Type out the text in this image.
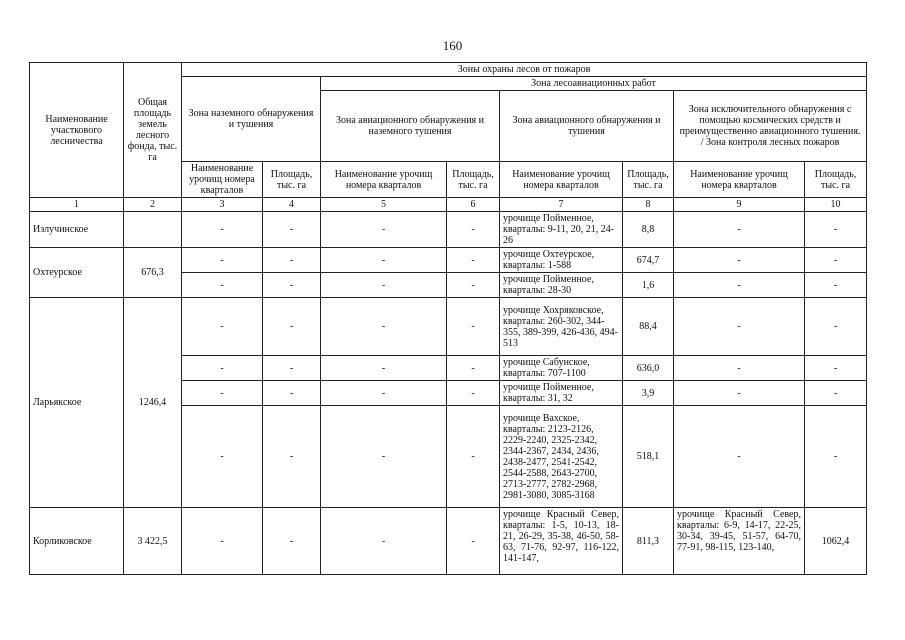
160
Наименование участкового лесничества	Общая площадь земель лесного фонда, тыс. га	Зоны охраны лесов от пожаров							
		Зона наземного обнаружения и тушения		Зона лесоавиационных работ					
				Зона авиационного обнаружения и наземного тушения		Зона авиационного обнаружения и тушения		Зона исключительного обнаружения с помощью космических средств и преимущественно авиационного тушения. / Зона контроля лесных пожаров	
		Наименование урочищ номера кварталов	Площадь, тыс. га	Наименование урочищ номера кварталов	Площадь, тыс. га	Наименование урочищ номера кварталов	Площадь, тыс. га	Наименование урочищ номера кварталов	Площадь, тыс. га
1	2	3	4	5	6	7	8	9	10
Излучинское		-	-	-	-	урочище Пойменное, кварталы: 9-11, 20, 21, 24-26	8,8	-	-
Охтеурское	676,3	-	-	-	-	урочище Охтеурское, кварталы: 1-588	674,7	-	-
		-	-	-	-	урочище Пойменное, кварталы: 28-30	1,6	-	-
Ларьякское	1246,4	-	-	-	-	урочище Хохряковское, кварталы: 260-302, 344-355, 389-399, 426-436, 494-513	88,4	-	-
		-	-	-	-	урочище Сабунское, кварталы: 707-1100	636,0	-	-
		-	-	-	-	урочище Пойменное, кварталы: 31, 32	3,9	-	-
		-	-	-	-	урочище Вахское, кварталы: 2123-2126, 2229-2240, 2325-2342, 2344-2367, 2434, 2436, 2438-2477, 2541-2542, 2544-2588, 2643-2700, 2713-2777, 2782-2968, 2981-3080, 3085-3168	518,1	-	-
Корликовское	3 422,5	-	-	-	-	урочище Красный Север, кварталы: 1-5, 10-13, 18-21, 26-29, 35-38, 46-50, 58-63, 71-76, 92-97, 116-122, 141-147,	811,3	урочище Красный Север, кварталы: 6-9, 14-17, 22-25, 30-34, 39-45, 51-57, 64-70, 77-91, 98-115, 123-140,	1062,4
